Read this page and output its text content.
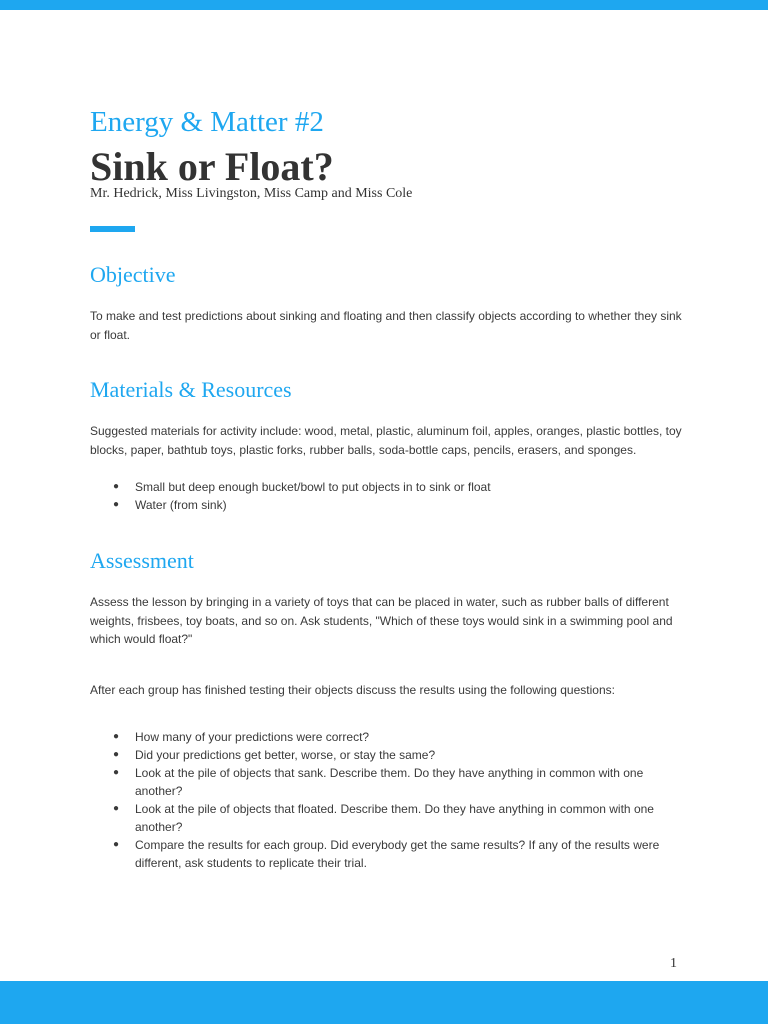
Energy & Matter #2
Sink or Float?

Mr. Hedrick, Miss Livingston, Miss Camp and Miss Cole

Objective

To make and test predictions about sinking and floating and then classify objects according to whether they sink or float.

Materials & Resources

Suggested materials for activity include: wood, metal, plastic, aluminum foil, apples, oranges, plastic bottles, toy blocks, paper, bathtub toys, plastic forks, rubber balls, soda-bottle caps, pencils, erasers, and sponges.

● Small but deep enough bucket/bowl to put objects in to sink or float
● Water (from sink)
Assessment

Assess the lesson by bringing in a variety of toys that can be placed in water, such as rubber balls of different weights, frisbees, toy boats, and so on. Ask students, "Which of these toys would sink in a swimming pool and which would float?"

After each group has finished testing their objects discuss the results using the following questions:

● How many of your predictions were correct?
● Did your predictions get better, worse, or stay the same?
● Look at the pile of objects that sank. Describe them. Do they have anything in common with one another?
● Look at the pile of objects that floated. Describe them. Do they have anything in common with one another?
● Compare the results for each group. Did everybody get the same results? If any of the results were different, ask students to replicate their trial.
1
